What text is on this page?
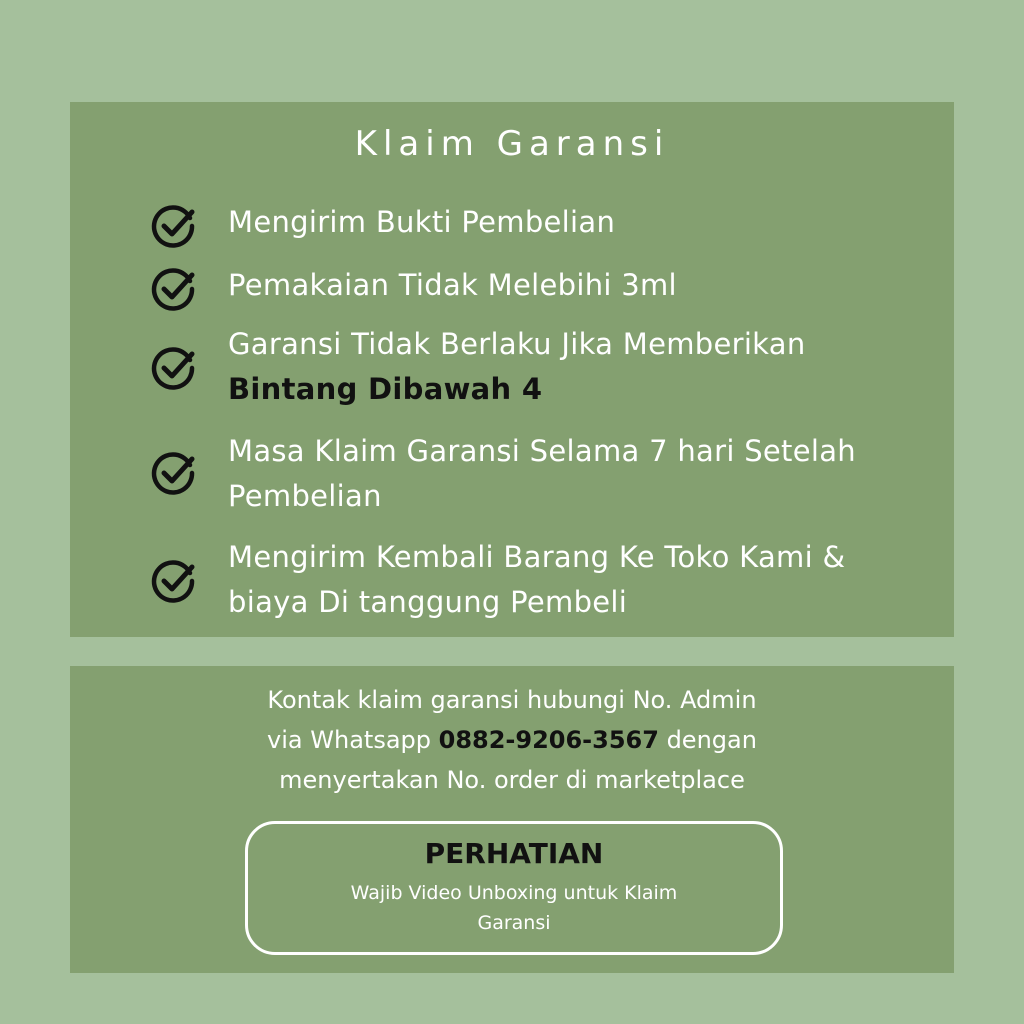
Klaim Garansi
Mengirim Bukti Pembelian
Pemakaian Tidak Melebihi 3ml
Garansi Tidak Berlaku Jika Memberikan Bintang Dibawah 4
Masa Klaim Garansi Selama 7 hari Setelah Pembelian
Mengirim Kembali Barang Ke Toko Kami & biaya Di tanggung Pembeli
Kontak klaim garansi hubungi No. Admin
via Whatsapp 0882-9206-3567 dengan
menyertakan No. order di marketplace
PERHATIAN
Wajib Video Unboxing untuk Klaim Garansi
